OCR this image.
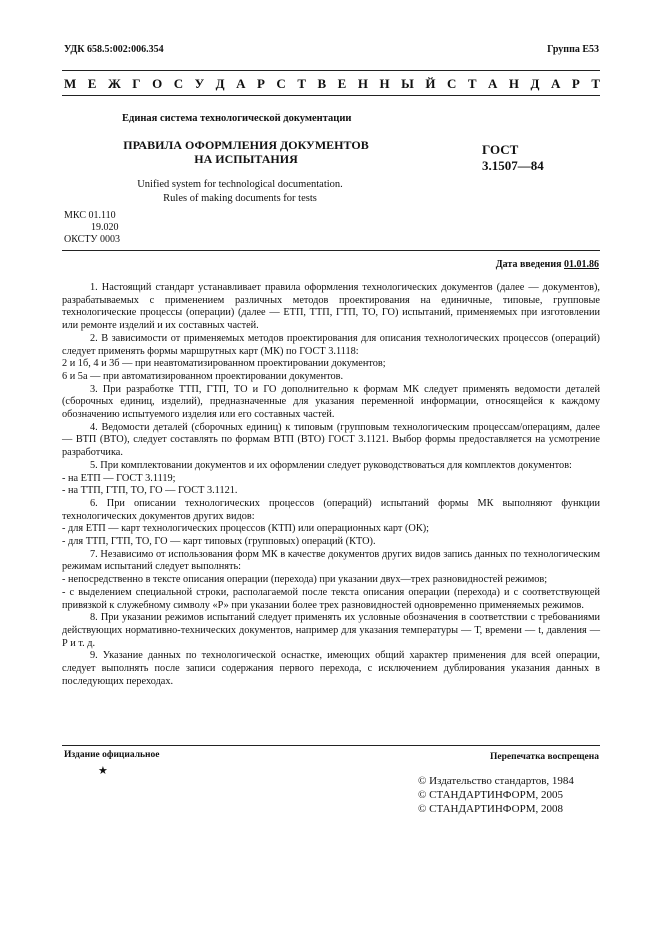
УДК 658.5:002:006.354	Группа Е53
М Е Ж Г О С У Д А Р С Т В Е Н Н Ы Й С Т А Н Д А Р Т
Единая система технологической документации
ПРАВИЛА ОФОРМЛЕНИЯ ДОКУМЕНТОВ
НА ИСПЫТАНИЯ
ГОСТ
3.1507—84
Unified system for technological documentation.
Rules of making documents for tests
МКС 01.110
19.020
ОКСТУ 0003
Дата введения 01.01.86

1. Настоящий стандарт устанавливает правила оформления технологических документов (далее — документов), разрабатываемых с применением различных методов проектирования на единичные, типовые, групповые технологические процессы (операции) (далее — ЕТП, ТТП, ГТП, ТО, ГО) испытаний, применяемых при изготовлении или ремонте изделий и их составных частей.

2. В зависимости от применяемых методов проектирования для описания технологических процессов (операций) следует применять формы маршрутных карт (МК) по ГОСТ 3.1118:

2 и 1б, 4 и 3б — при неавтоматизированном проектировании документов;

6 и 5а — при автоматизированном проектировании документов.

3. При разработке ТТП, ГТП, ТО и ГО дополнительно к формам МК следует применять ведомости деталей (сборочных единиц, изделий), предназначенные для указания переменной информации, относящейся к каждому обозначению испытуемого изделия или его составных частей.

4. Ведомости деталей (сборочных единиц) к типовым (групповым технологическим процессам/операциям, далее — ВТП (ВТО), следует составлять по формам ВТП (ВТО) ГОСТ 3.1121. Выбор формы предоставляется на усмотрение разработчика.

5. При комплектовании документов и их оформлении следует руководствоваться для комплектов документов:

- на ЕТП — ГОСТ 3.1119;

- на ТТП, ГТП, ТО, ГО — ГОСТ 3.1121.

6. При описании технологических процессов (операций) испытаний формы МК выполняют функции технологических документов других видов:

- для ЕТП — карт технологических процессов (КТП) или операционных карт (ОК);

- для ТТП, ГТП, ТО, ГО — карт типовых (групповых) операций (КТО).

7. Независимо от использования форм МК в качестве документов других видов запись данных по технологическим режимам испытаний следует выполнять:

- непосредственно в тексте описания операции (перехода) при указании двух—трех разновидностей режимов;

- с выделением специальной строки, располагаемой после текста описания операции (перехода) и с соответствующей привязкой к служебному символу «Р» при указании более трех разновидностей одновременно применяемых режимов.

8. При указании режимов испытаний следует применять их условные обозначения в соответствии с требованиями действующих нормативно-технических документов, например для указания температуры — Т, времени — t, давления — Р и т. д.

9. Указание данных по технологической оснастке, имеющих общий характер применения для всей операции, следует выполнять после записи содержания первого перехода, с исключением дублирования указания данных в последующих переходах.

Издание официальное
★
Перепечатка воспрещена
© Издательство стандартов, 1984
© СТАНДАРТИНФОРМ, 2005
© СТАНДАРТИНФОРМ, 2008
